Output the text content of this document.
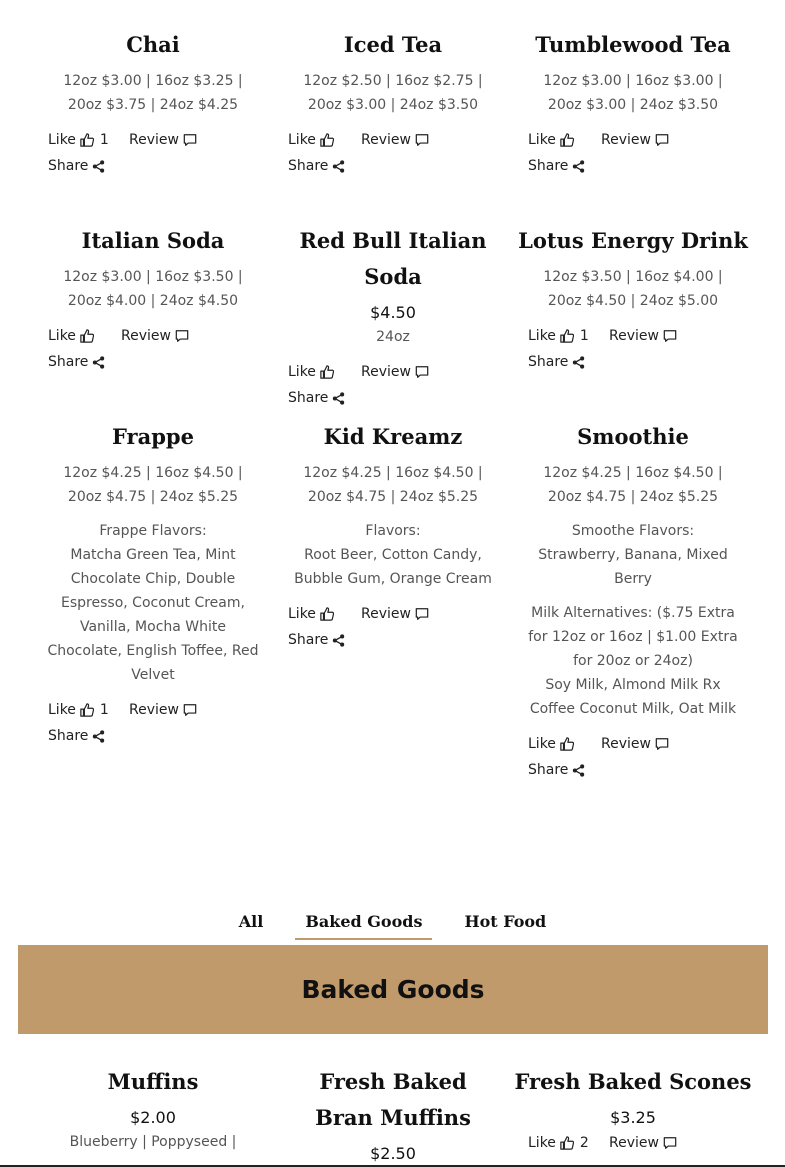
Chai
12oz $3.00 | 16oz $3.25 | 20oz $3.75 | 24oz $4.25
Like 1 Review
Share
Iced Tea
12oz $2.50 | 16oz $2.75 | 20oz $3.00 | 24oz $3.50
Like	Review
Share
Tumblewood Tea
12oz $3.00 | 16oz $3.00 | 20oz $3.00 | 24oz $3.50
Like	Review
Share
Italian Soda
12oz $3.00 | 16oz $3.50 | 20oz $4.00 | 24oz $4.50
Like	Review
Share
Red Bull Italian Soda
$4.50
24oz
Like	Review
Share
Lotus Energy Drink
12oz $3.50 | 16oz $4.00 | 20oz $4.50 | 24oz $5.00
Like 1 Review
Share
Frappe
12oz $4.25 | 16oz $4.50 | 20oz $4.75 | 24oz $5.25
Frappe Flavors:
Matcha Green Tea, Mint Chocolate Chip, Double Espresso, Coconut Cream, Vanilla, Mocha White Chocolate, English Toffee, Red Velvet
Like 1 Review
Share
Kid Kreamz
12oz $4.25 | 16oz $4.50 | 20oz $4.75 | 24oz $5.25
Flavors:
Root Beer, Cotton Candy, Bubble Gum, Orange Cream
Like	Review
Share
Smoothie
12oz $4.25 | 16oz $4.50 | 20oz $4.75 | 24oz $5.25
Smoothe Flavors:
Strawberry, Banana, Mixed Berry
Milk Alternatives: ($.75 Extra for 12oz or 16oz | $1.00 Extra for 20oz or 24oz)
Soy Milk, Almond Milk Rx Coffee Coconut Milk, Oat Milk
Like	Review
Share
All	Baked Goods	Hot Food
Baked Goods
Muffins
$2.00
Blueberry | Poppyseed |
Fresh Baked Bran Muffins
$2.50
Fresh Baked Scones
$3.25
Like 2 Review
